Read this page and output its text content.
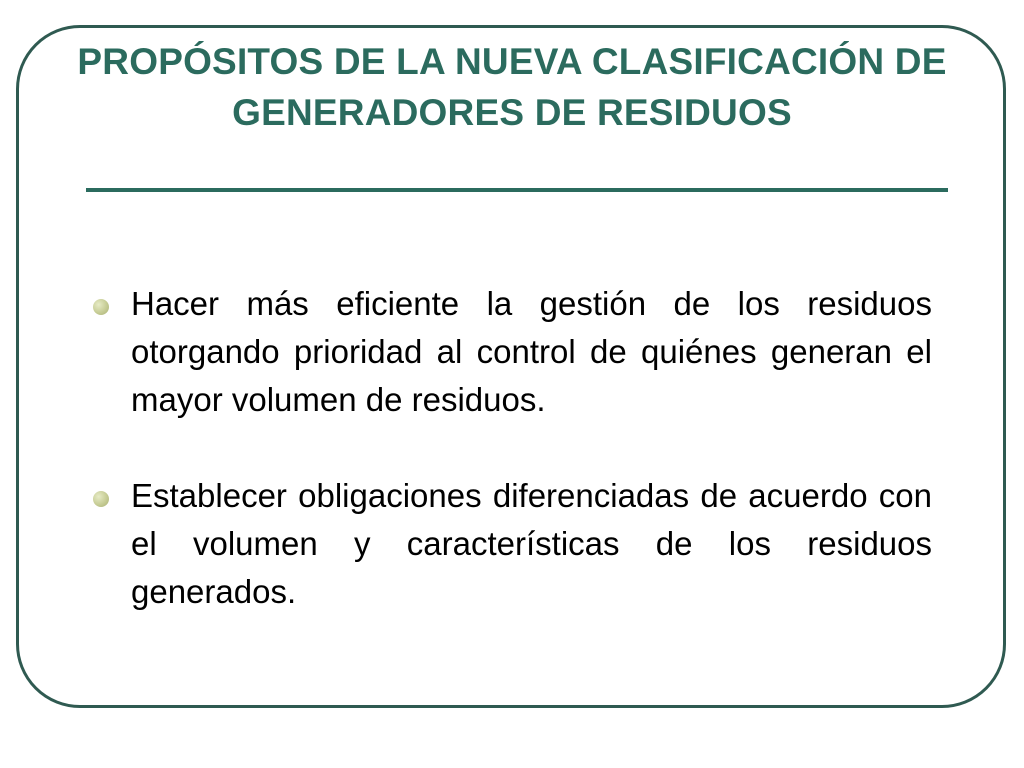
PROPÓSITOS DE LA NUEVA CLASIFICACIÓN DE GENERADORES DE RESIDUOS
Hacer más eficiente la gestión de los residuos otorgando prioridad al control de quiénes generan el mayor volumen de residuos.
Establecer obligaciones diferenciadas de acuerdo con el volumen y características de los residuos generados.
